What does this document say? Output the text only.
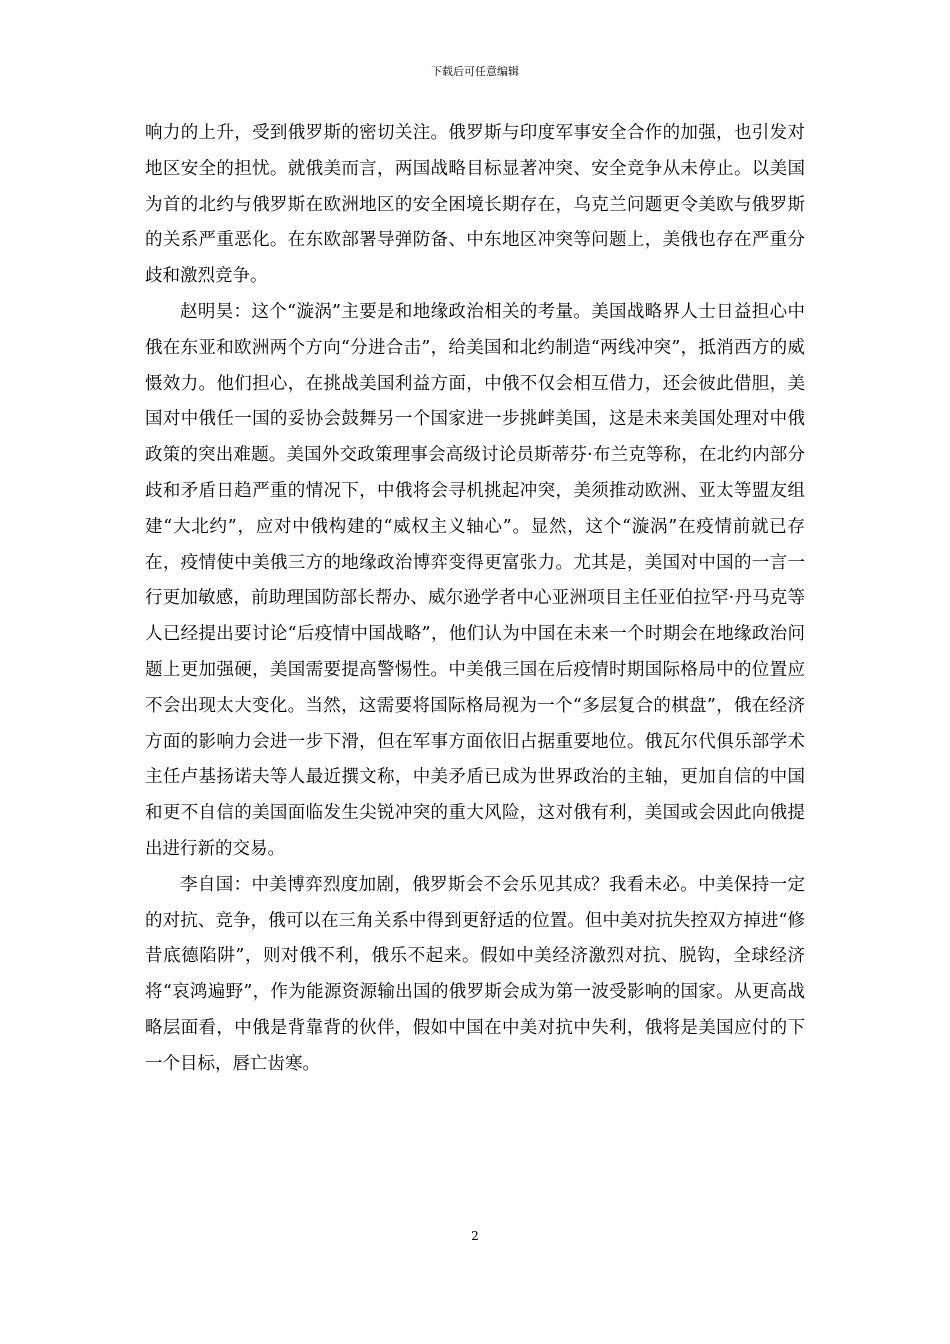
下载后可任意编辑

响力的上升，受到俄罗斯的密切关注。俄罗斯与印度军事安全合作的加强，也引发对地区安全的担忧。就俄美而言，两国战略目标显著冲突、安全竞争从未停止。以美国为首的北约与俄罗斯在欧洲地区的安全困境长期存在，乌克兰问题更令美欧与俄罗斯的关系严重恶化。在东欧部署导弹防备、中东地区冲突等问题上，美俄也存在严重分歧和激烈竞争。

赵明昊：这个“漩涡”主要是和地缘政治相关的考量。美国战略界人士日益担心中俄在东亚和欧洲两个方向“分进合击”，给美国和北约制造“两线冲突”，抵消西方的威慑效力。他们担心，在挑战美国利益方面，中俄不仅会相互借力，还会彼此借胆，美国对中俄任一国的妥协会鼓舞另一个国家进一步挑衅美国，这是未来美国处理对中俄政策的突出难题。美国外交政策理事会高级讨论员斯蒂芬·布兰克等称，在北约内部分歧和矛盾日趋严重的情况下，中俄将会寻机挑起冲突，美须推动欧洲、亚太等盟友组建“大北约”，应对中俄构建的“威权主义轴心”。显然，这个“漩涡”在疫情前就已存在，疫情使中美俄三方的地缘政治博弈变得更富张力。尤其是，美国对中国的一言一行更加敏感，前助理国防部长帮办、威尔逊学者中心亚洲项目主任亚伯拉罕·丹马克等人已经提出要讨论“后疫情中国战略”，他们认为中国在未来一个时期会在地缘政治问题上更加强硬，美国需要提高警惕性。中美俄三国在后疫情时期国际格局中的位置应不会出现太大变化。当然，这需要将国际格局视为一个“多层复合的棋盘”，俄在经济方面的影响力会进一步下滑，但在军事方面依旧占据重要地位。俄瓦尔代俱乐部学术主任卢基扬诺夫等人最近撰文称，中美矛盾已成为世界政治的主轴，更加自信的中国和更不自信的美国面临发生尖锐冲突的重大风险，这对俄有利，美国或会因此向俄提出进行新的交易。

李自国：中美博弈烈度加剧，俄罗斯会不会乐见其成？我看未必。中美保持一定的对抗、竞争，俄可以在三角关系中得到更舒适的位置。但中美对抗失控双方掉进“修昔底德陷阱”，则对俄不利，俄乐不起来。假如中美经济激烈对抗、脱钩，全球经济将“哀鸿遍野”，作为能源资源输出国的俄罗斯会成为第一波受影响的国家。从更高战略层面看，中俄是背靠背的伙伴，假如中国在中美对抗中失利，俄将是美国应付的下一个目标，唇亡齿寒。

2
